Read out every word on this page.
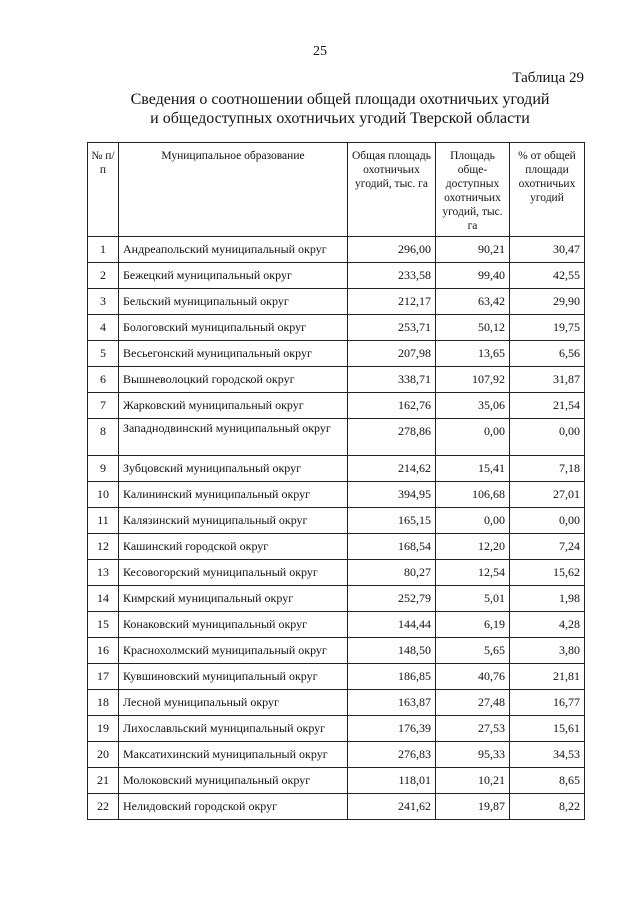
25
Таблица 29
Сведения о соотношении общей площади охотничьих угодий
и общедоступных охотничьих угодий Тверской области
№ п/п	Муниципальное образование	Общая площадь охотничьих угодий, тыс. га	Площадь обще-доступных охотничьих угодий, тыс. га	% от общей площади охотничьих угодий
1	Андреапольский муниципальный округ	296,00	90,21	30,47
2	Бежецкий муниципальный округ	233,58	99,40	42,55
3	Бельский муниципальный округ	212,17	63,42	29,90
4	Бологовский муниципальный округ	253,71	50,12	19,75
5	Весьегонский муниципальный округ	207,98	13,65	6,56
6	Вышневолоцкий городской округ	338,71	107,92	31,87
7	Жарковский муниципальный округ	162,76	35,06	21,54
8	Западнодвинский муниципальный округ	278,86	0,00	0,00
9	Зубцовский муниципальный округ	214,62	15,41	7,18
10	Калининский муниципальный округ	394,95	106,68	27,01
11	Калязинский муниципальный округ	165,15	0,00	0,00
12	Кашинский городской округ	168,54	12,20	7,24
13	Кесовогорский муниципальный округ	80,27	12,54	15,62
14	Кимрский муниципальный округ	252,79	5,01	1,98
15	Конаковский муниципальный округ	144,44	6,19	4,28
16	Краснохолмский муниципальный округ	148,50	5,65	3,80
17	Кувшиновский муниципальный округ	186,85	40,76	21,81
18	Лесной муниципальный округ	163,87	27,48	16,77
19	Лихославльский муниципальный округ	176,39	27,53	15,61
20	Максатихинский муниципальный округ	276,83	95,33	34,53
21	Молоковский муниципальный округ	118,01	10,21	8,65
22	Нелидовский городской округ	241,62	19,87	8,22
